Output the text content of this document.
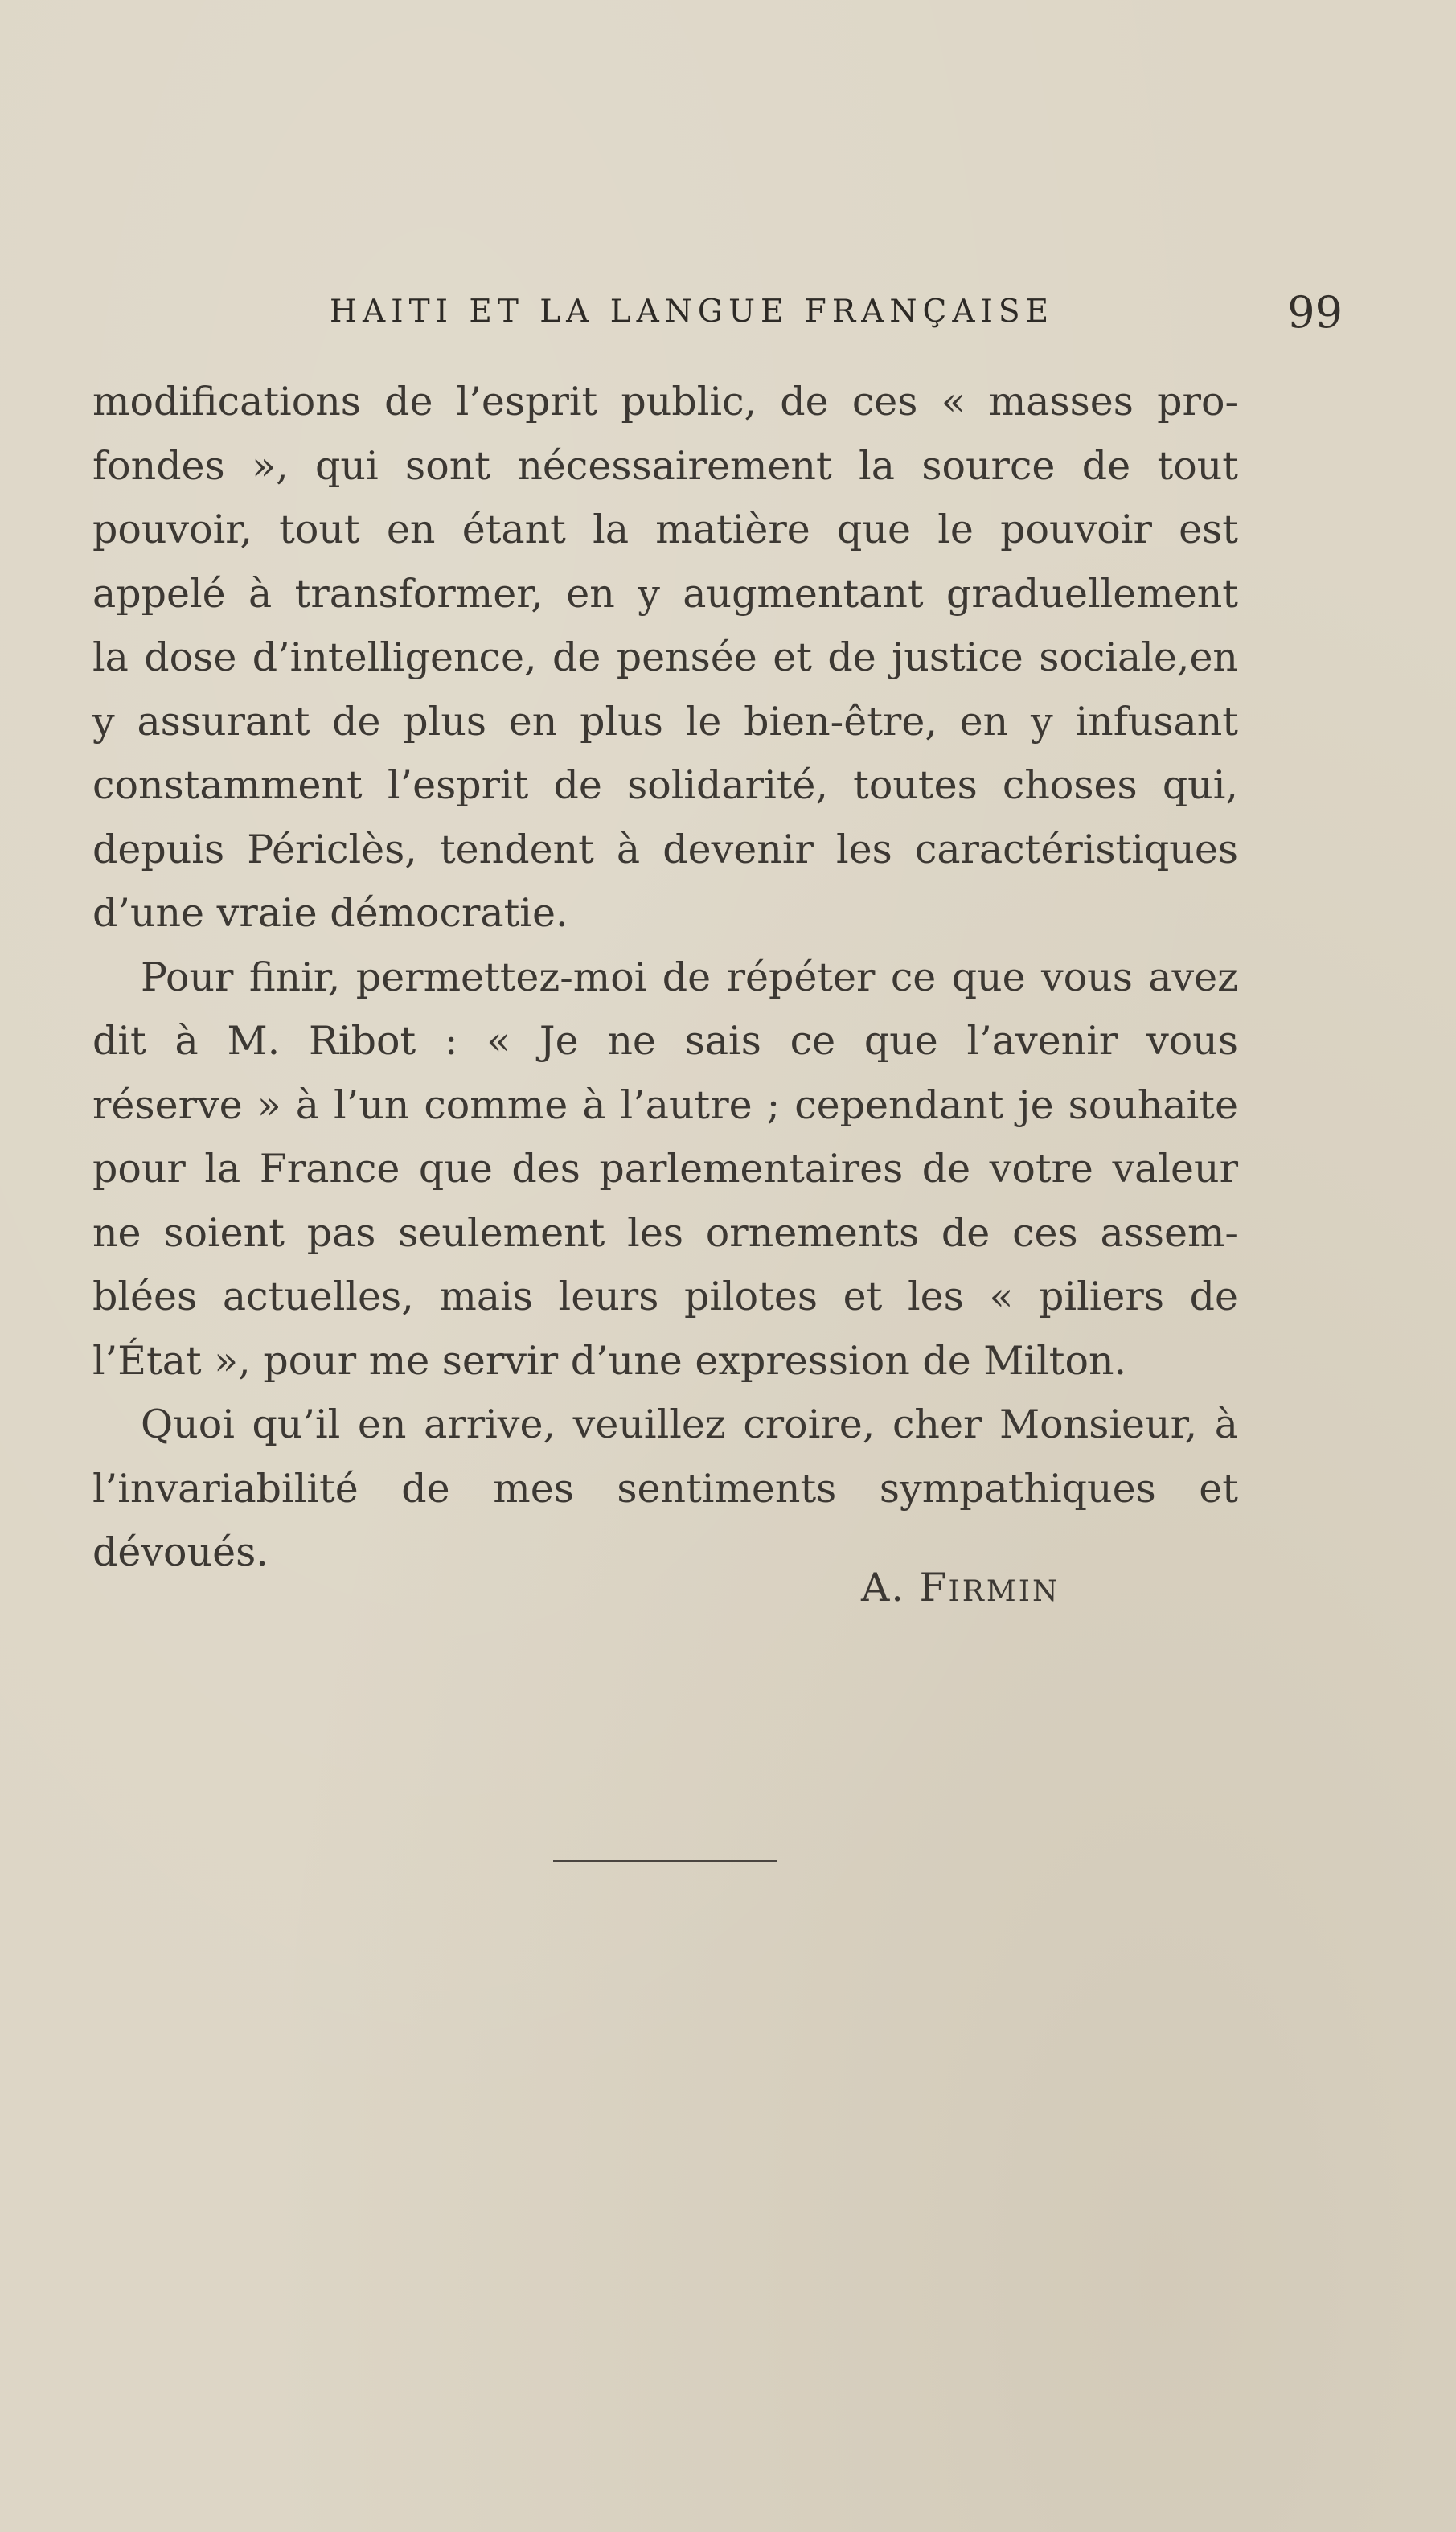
HAITI ET LA LANGUE FRANÇAISE	99
modifications de l’esprit public, de ces « masses pro-
fondes », qui sont nécessairement la source de tout
pouvoir, tout en étant la matière que le pouvoir est
appelé à transformer, en y augmentant graduellement
la dose d’intelligence, de pensée et de justice sociale,en
y assurant de plus en plus le bien-être, en y infusant
constamment l’esprit de solidarité, toutes choses qui,
depuis Périclès, tendent à devenir les caractéristiques
d’une vraie démocratie.
Pour finir, permettez-moi de répéter ce que vous avez
dit à M. Ribot : « Je ne sais ce que l’avenir vous
réserve » à l’un comme à l’autre ; cependant je souhaite
pour la France que des parlementaires de votre valeur
ne soient pas seulement les ornements de ces assem-
blées actuelles, mais leurs pilotes et les « piliers de
l’État », pour me servir d’une expression de Milton.
Quoi qu’il en arrive, veuillez croire, cher Monsieur, à
l’invariabilité de mes sentiments sympathiques et
dévoués.
A. FIRMIN
